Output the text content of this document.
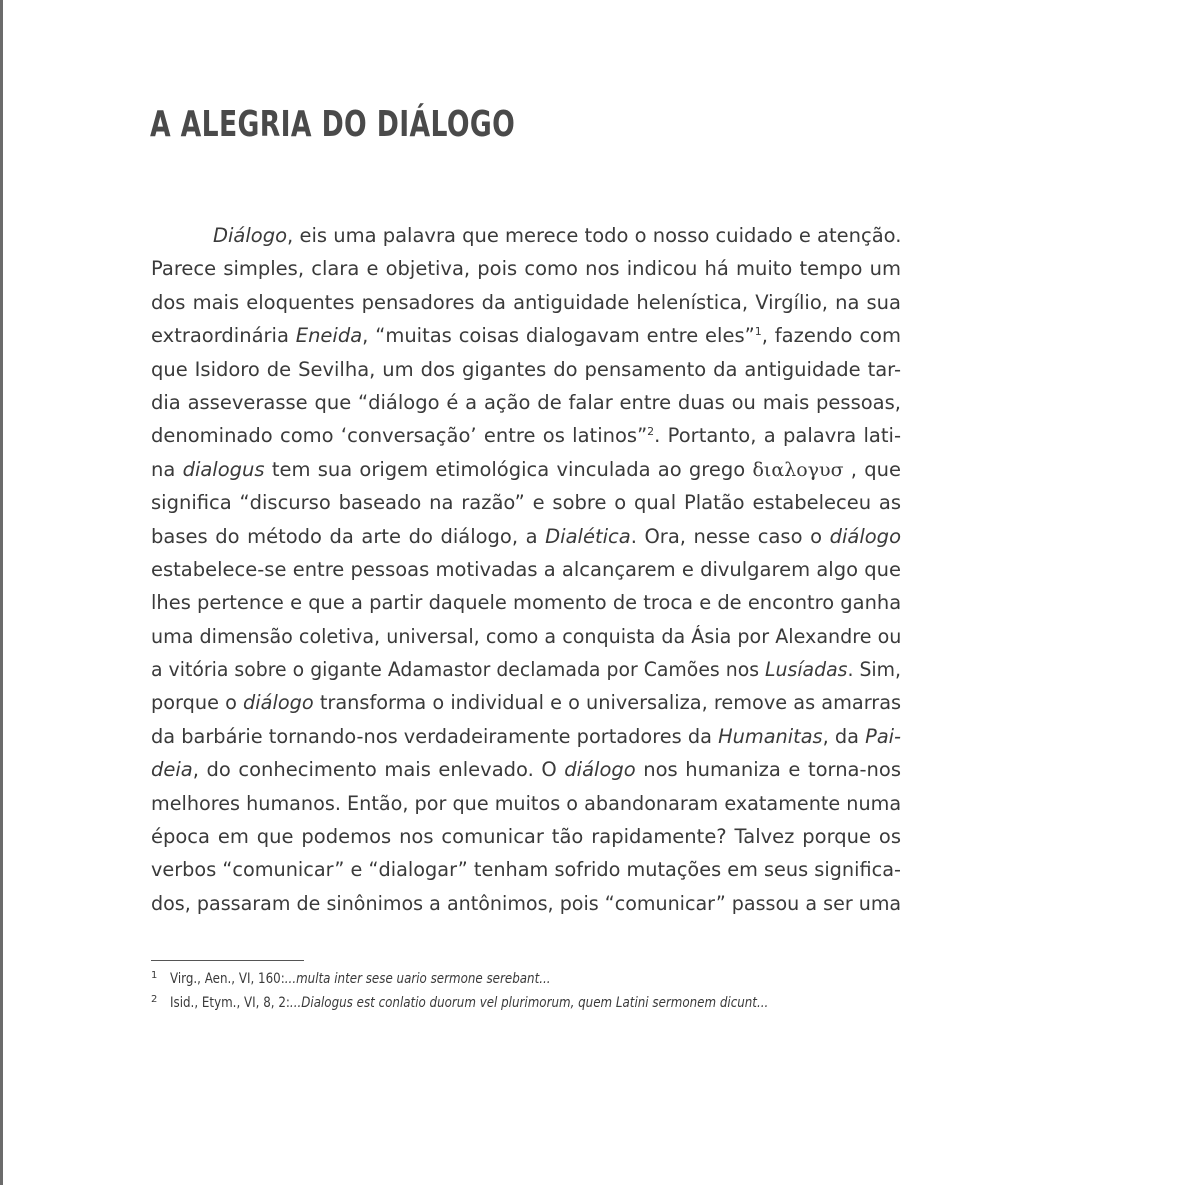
A ALEGRIA DO DIÁLOGO
Diálogo, eis uma palavra que merece todo o nosso cuidado e atenção.
Parece simples, clara e objetiva, pois como nos indicou há muito tempo um
dos mais eloquentes pensadores da antiguidade helenística, Virgílio, na sua
extraordinária Eneida, “muitas coisas dialogavam entre eles”$^1$, fazendo com
que Isidoro de Sevilha, um dos gigantes do pensamento da antiguidade tar-
dia asseverasse que “diálogo é a ação de falar entre duas ou mais pessoas,
denominado como ‘conversação’ entre os latinos”$^2$. Portanto, a palavra lati-
na dialogus tem sua origem etimológica vinculada ao grego διαλογυσ , que
significa “discurso baseado na razão” e sobre o qual Platão estabeleceu as
bases do método da arte do diálogo, a Dialética. Ora, nesse caso o diálogo
estabelece-se entre pessoas motivadas a alcançarem e divulgarem algo que
lhes pertence e que a partir daquele momento de troca e de encontro ganha
uma dimensão coletiva, universal, como a conquista da Ásia por Alexandre ou
a vitória sobre o gigante Adamastor declamada por Camões nos Lusíadas. Sim,
porque o diálogo transforma o individual e o universaliza, remove as amarras
da barbárie tornando-nos verdadeiramente portadores da Humanitas, da Pai-
deia, do conhecimento mais enlevado. O diálogo nos humaniza e torna-nos
melhores humanos. Então, por que muitos o abandonaram exatamente numa
época em que podemos nos comunicar tão rapidamente? Talvez porque os
verbos “comunicar” e “dialogar” tenham sofrido mutações em seus significa-
dos, passaram de sinônimos a antônimos, pois “comunicar” passou a ser uma
1 Virg., Aen., VI, 160:...multa inter sese uario sermone serebant...
2 Isid., Etym., VI, 8, 2:...Dialogus est conlatio duorum vel plurimorum, quem Latini sermonem dicunt...
